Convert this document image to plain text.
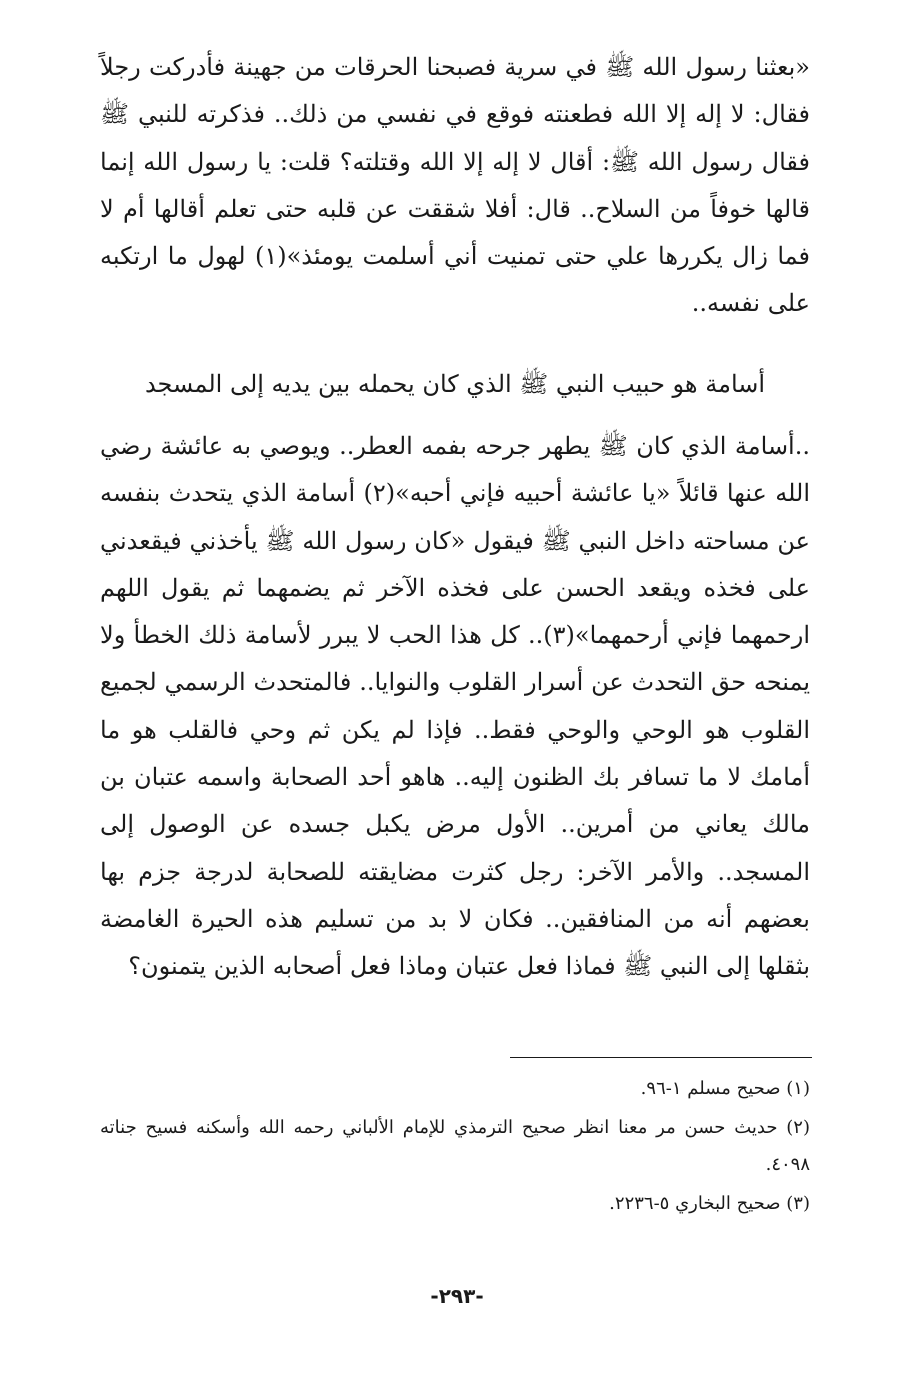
«بعثنا رسول الله ﷺ في سرية فصبحنا الحرقات من جهينة فأدركت رجلاً فقال: لا إله إلا الله فطعنته فوقع في نفسي من ذلك.. فذكرته للنبي ﷺ فقال رسول الله ﷺ: أقال لا إله إلا الله وقتلته؟ قلت: يا رسول الله إنما قالها خوفاً من السلاح.. قال: أفلا شققت عن قلبه حتى تعلم أقالها أم لا فما زال يكررها علي حتى تمنيت أني أسلمت يومئذ»(١) لهول ما ارتكبه على نفسه..

أسامة هو حبيب النبي ﷺ الذي كان يحمله بين يديه إلى المسجد

..أسامة الذي كان ﷺ يطهر جرحه بفمه العطر.. ويوصي به عائشة رضي الله عنها قائلاً «يا عائشة أحبيه فإني أحبه»(٢) أسامة الذي يتحدث بنفسه عن مساحته داخل النبي ﷺ فيقول «كان رسول الله ﷺ يأخذني فيقعدني على فخذه ويقعد الحسن على فخذه الآخر ثم يضمهما ثم يقول اللهم ارحمهما فإني أرحمهما»(٣).. كل هذا الحب لا يبرر لأسامة ذلك الخطأ ولا يمنحه حق التحدث عن أسرار القلوب والنوايا.. فالمتحدث الرسمي لجميع القلوب هو الوحي والوحي فقط.. فإذا لم يكن ثم وحي فالقلب هو ما أمامك لا ما تسافر بك الظنون إليه.. هاهو أحد الصحابة واسمه عتبان بن مالك يعاني من أمرين.. الأول مرض يكبل جسده عن الوصول إلى المسجد.. والأمر الآخر: رجل كثرت مضايقته للصحابة لدرجة جزم بها بعضهم أنه من المنافقين.. فكان لا بد من تسليم هذه الحيرة الغامضة بثقلها إلى النبي ﷺ فماذا فعل عتبان وماذا فعل أصحابه الذين يتمنون؟

(١) صحيح مسلم ١-٩٦.

(٢) حديث حسن مر معنا انظر صحيح الترمذي للإمام الألباني رحمه الله وأسكنه فسيح جناته ٤٠٩٨.

(٣) صحيح البخاري ٥-٢٢٣٦.

-٢٩٣-
